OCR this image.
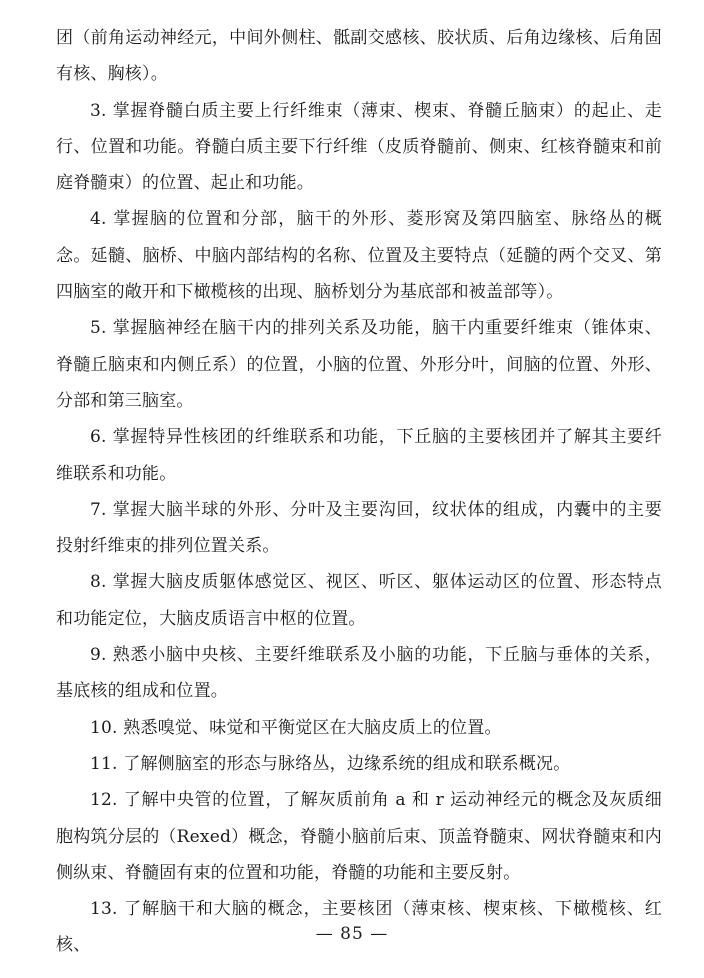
团（前角运动神经元，中间外侧柱、骶副交感核、胶状质、后角边缘核、后角固有核、胸核）。

3. 掌握脊髓白质主要上行纤维束（薄束、楔束、脊髓丘脑束）的起止、走行、位置和功能。脊髓白质主要下行纤维（皮质脊髓前、侧束、红核脊髓束和前庭脊髓束）的位置、起止和功能。

4. 掌握脑的位置和分部，脑干的外形、菱形窝及第四脑室、脉络丛的概念。延髓、脑桥、中脑内部结构的名称、位置及主要特点（延髓的两个交叉、第四脑室的敞开和下橄榄核的出现、脑桥划分为基底部和被盖部等）。

5. 掌握脑神经在脑干内的排列关系及功能，脑干内重要纤维束（锥体束、脊髓丘脑束和内侧丘系）的位置，小脑的位置、外形分叶，间脑的位置、外形、分部和第三脑室。

6. 掌握特异性核团的纤维联系和功能，下丘脑的主要核团并了解其主要纤维联系和功能。

7. 掌握大脑半球的外形、分叶及主要沟回，纹状体的组成，内囊中的主要投射纤维束的排列位置关系。

8. 掌握大脑皮质躯体感觉区、视区、听区、躯体运动区的位置、形态特点和功能定位，大脑皮质语言中枢的位置。

9. 熟悉小脑中央核、主要纤维联系及小脑的功能，下丘脑与垂体的关系，基底核的组成和位置。

10. 熟悉嗅觉、味觉和平衡觉区在大脑皮质上的位置。

11. 了解侧脑室的形态与脉络丛，边缘系统的组成和联系概况。

12. 了解中央管的位置，了解灰质前角 a 和 r 运动神经元的概念及灰质细胞构筑分层的（Rexed）概念，脊髓小脑前后束、顶盖脊髓束、网状脊髓束和内侧纵束、脊髓固有束的位置和功能，脊髓的功能和主要反射。

13. 了解脑干和大脑的概念，主要核团（薄束核、楔束核、下橄榄核、红核、

— 85 —
